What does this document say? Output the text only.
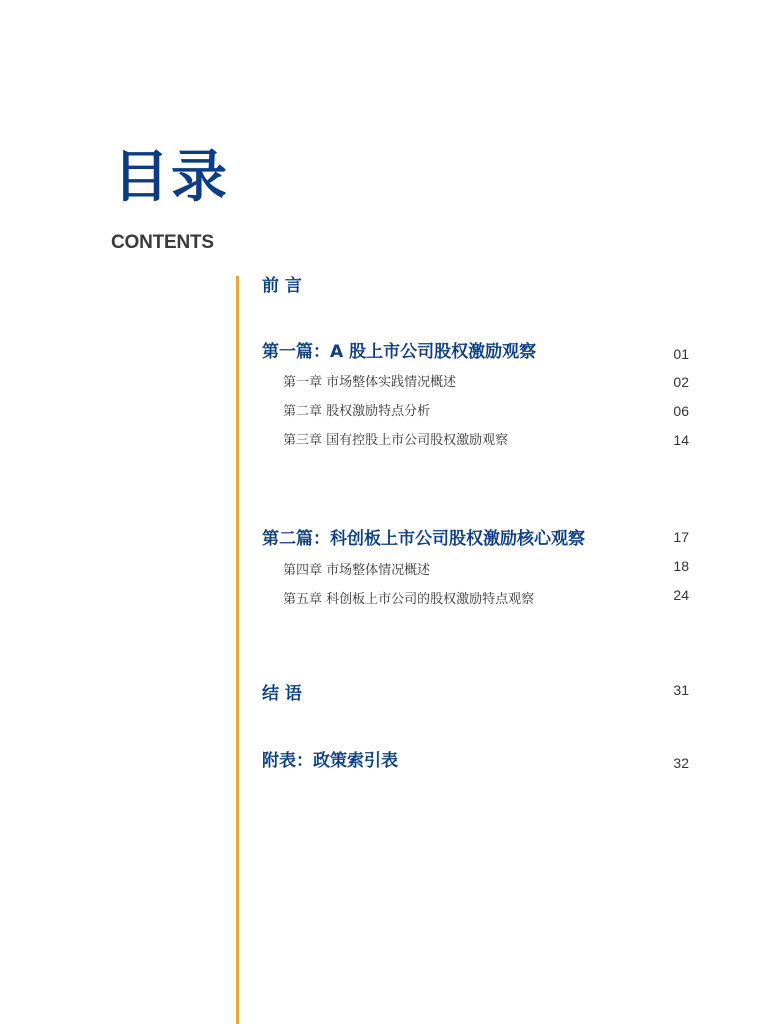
目录
CONTENTS
前 言
第一篇：A 股上市公司股权激励观察	01
第一章 市场整体实践情况概述	02
第二章 股权激励特点分析	06
第三章 国有控股上市公司股权激励观察	14
第二篇：科创板上市公司股权激励核心观察	17
第四章 市场整体情况概述	18
第五章 科创板上市公司的股权激励特点观察	24
结 语	31
附表：政策索引表	32
